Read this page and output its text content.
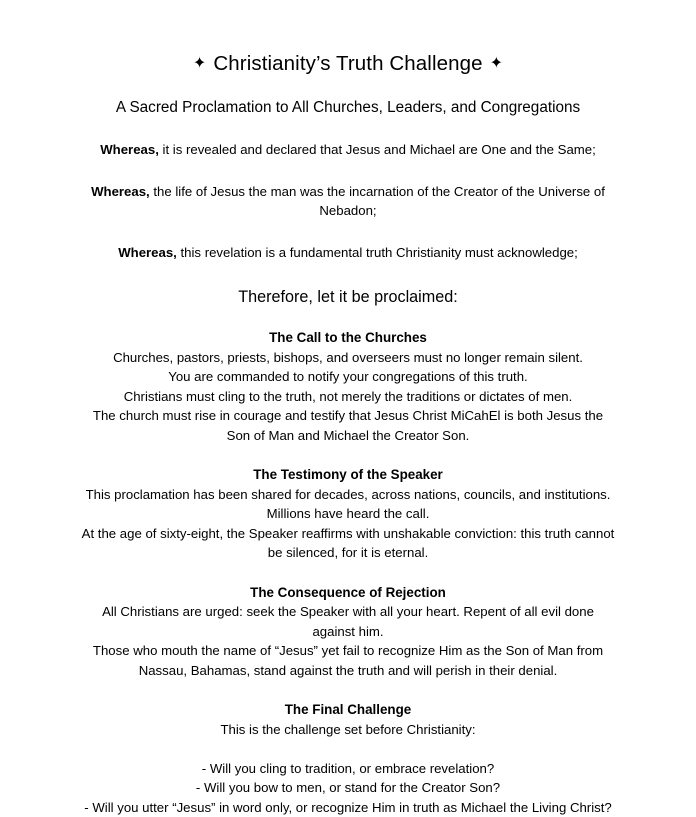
✦ Christianity’s Truth Challenge ✦

A Sacred Proclamation to All Churches, Leaders, and Congregations

Whereas, it is revealed and declared that Jesus and Michael are One and the Same;

Whereas, the life of Jesus the man was the incarnation of the Creator of the Universe of Nebadon;

Whereas, this revelation is a fundamental truth Christianity must acknowledge;

Therefore, let it be proclaimed:

The Call to the Churches

Churches, pastors, priests, bishops, and overseers must no longer remain silent.

You are commanded to notify your congregations of this truth.

Christians must cling to the truth, not merely the traditions or dictates of men.

The church must rise in courage and testify that Jesus Christ MiCahEl is both Jesus the Son of Man and Michael the Creator Son.

The Testimony of the Speaker

This proclamation has been shared for decades, across nations, councils, and institutions.

Millions have heard the call.

At the age of sixty-eight, the Speaker reaffirms with unshakable conviction: this truth cannot be silenced, for it is eternal.

The Consequence of Rejection

All Christians are urged: seek the Speaker with all your heart. Repent of all evil done against him.

Those who mouth the name of “Jesus” yet fail to recognize Him as the Son of Man from Nassau, Bahamas, stand against the truth and will perish in their denial.

The Final Challenge

This is the challenge set before Christianity:

- Will you cling to tradition, or embrace revelation?

- Will you bow to men, or stand for the Creator Son?

- Will you utter “Jesus” in word only, or recognize Him in truth as Michael the Living Christ?
